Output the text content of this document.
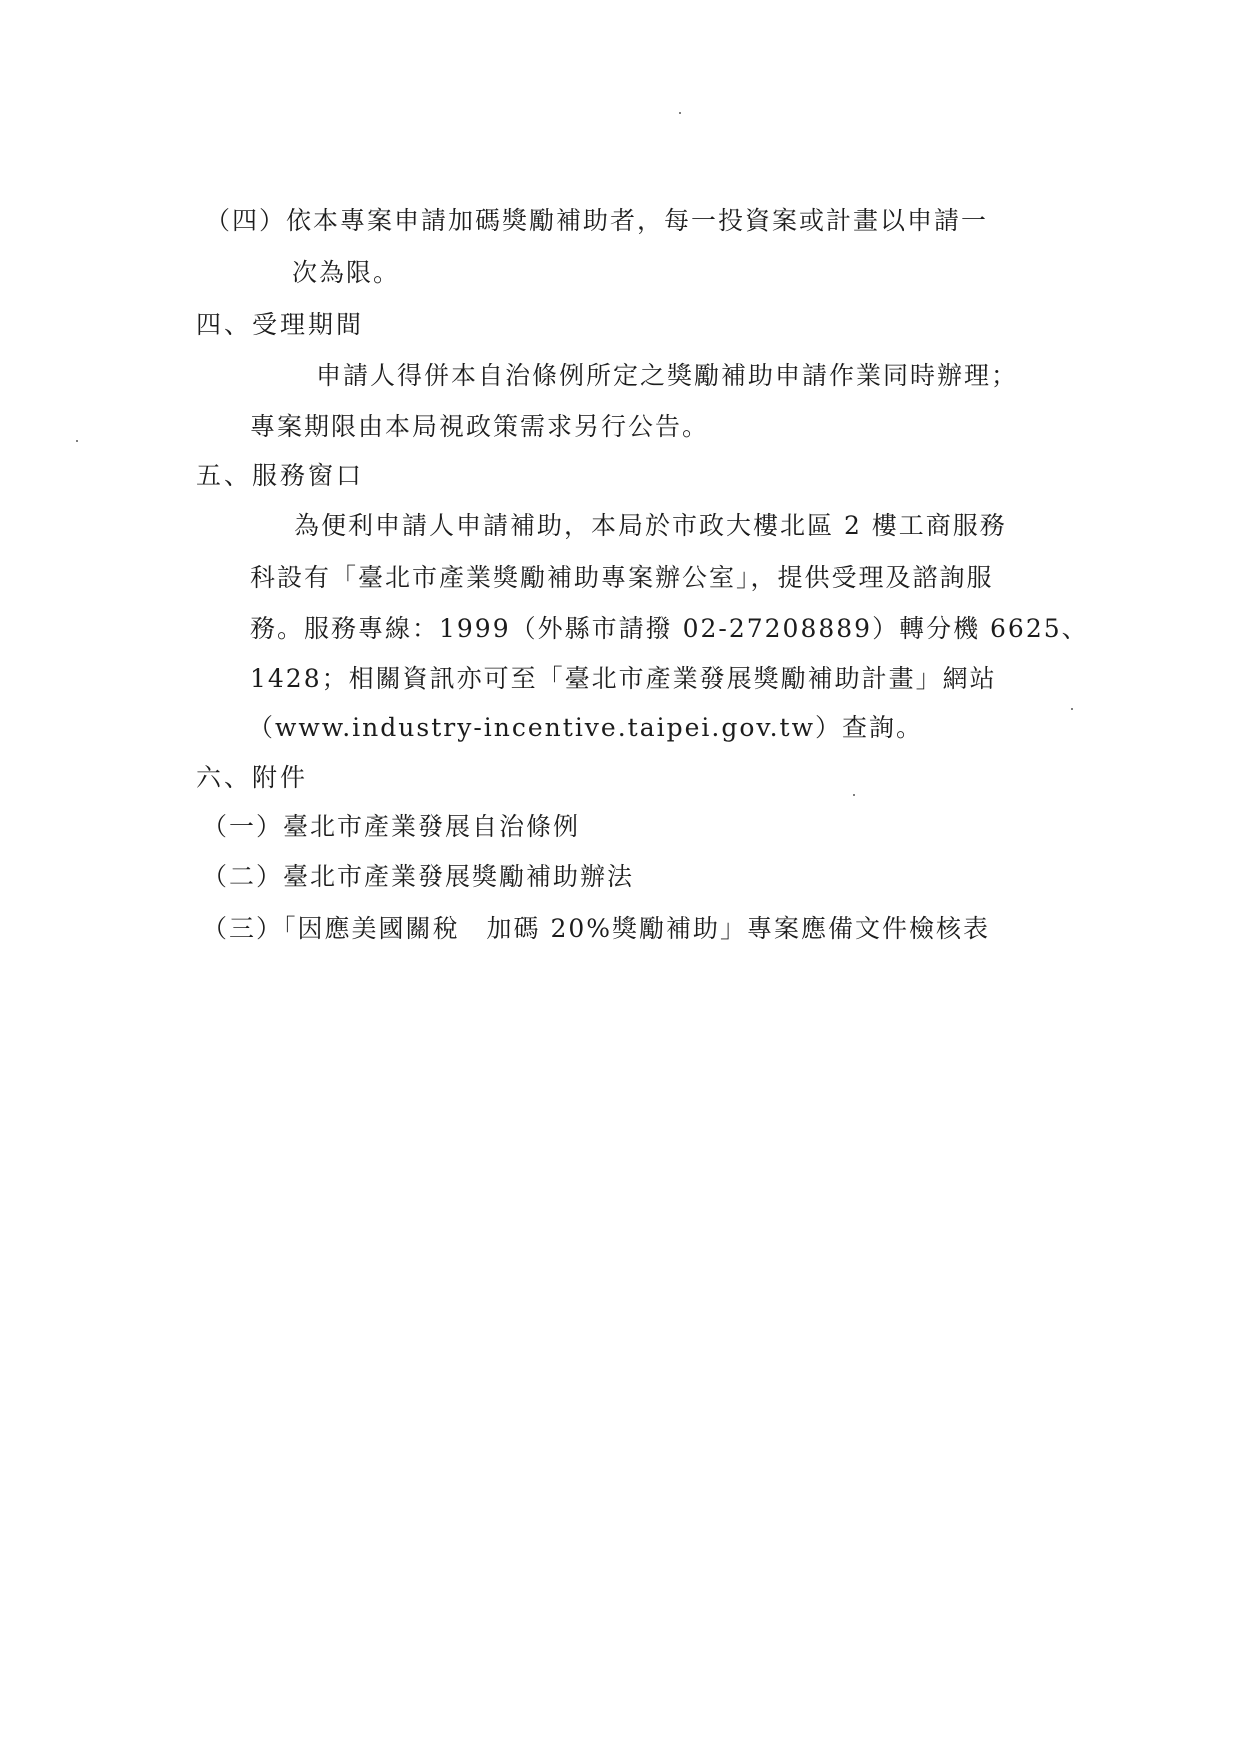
（四）依本專案申請加碼獎勵補助者，每一投資案或計畫以申請一
次為限。
四、受理期間
申請人得併本自治條例所定之獎勵補助申請作業同時辦理；
專案期限由本局視政策需求另行公告。
五、服務窗口
為便利申請人申請補助，本局於市政大樓北區 2 樓工商服務
科設有「臺北市產業獎勵補助專案辦公室」，提供受理及諮詢服
務。服務專線：1999（外縣市請撥 02-27208889）轉分機 6625、
1428；相關資訊亦可至「臺北市產業發展獎勵補助計畫」網站
（www.industry-incentive.taipei.gov.tw）查詢。
六、附件
（一）臺北市產業發展自治條例
（二）臺北市產業發展獎勵補助辦法
（三）「因應美國關稅　加碼 20%獎勵補助」專案應備文件檢核表
